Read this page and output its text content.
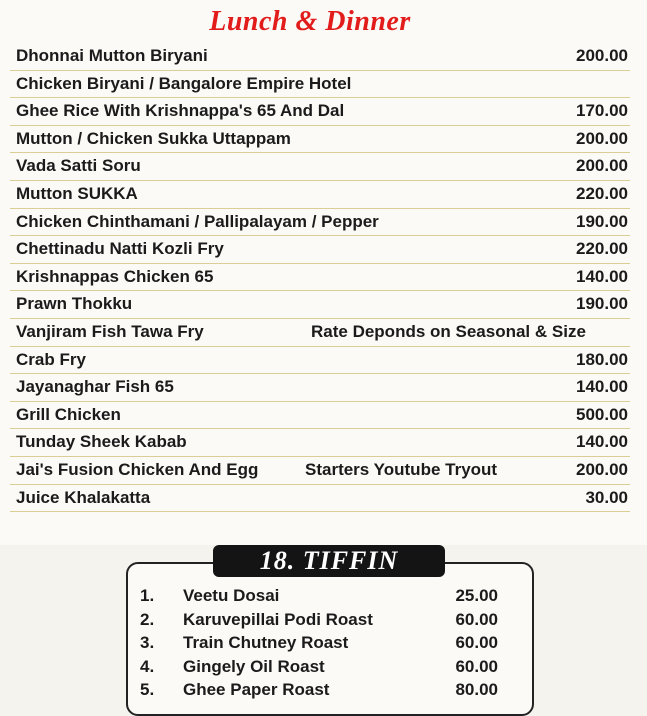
Lunch & Dinner
Dhonnai Mutton Biryani	200.00
Chicken Biryani / Bangalore Empire Hotel
Ghee Rice With Krishnappa's 65 And Dal	170.00
Mutton / Chicken Sukka Uttappam	200.00
Vada Satti Soru	200.00
Mutton SUKKA	220.00
Chicken Chinthamani / Pallipalayam / Pepper	190.00
Chettinadu Natti Kozli Fry	220.00
Krishnappas Chicken 65	140.00
Prawn Thokku	190.00
Vanjiram Fish Tawa Fry	Rate Deponds on Seasonal & Size
Crab Fry	180.00
Jayanaghar Fish 65	140.00
Grill Chicken	500.00
Tunday Sheek Kabab	140.00
Jai's Fusion Chicken And Egg	Starters Youtube Tryout	200.00
Juice Khalakatta	30.00
18. TIFFIN
1. Veetu Dosai	25.00
2. Karuvepillai Podi Roast	60.00
3. Train Chutney Roast	60.00
4. Gingely Oil Roast	60.00
5. Ghee Paper Roast	80.00
